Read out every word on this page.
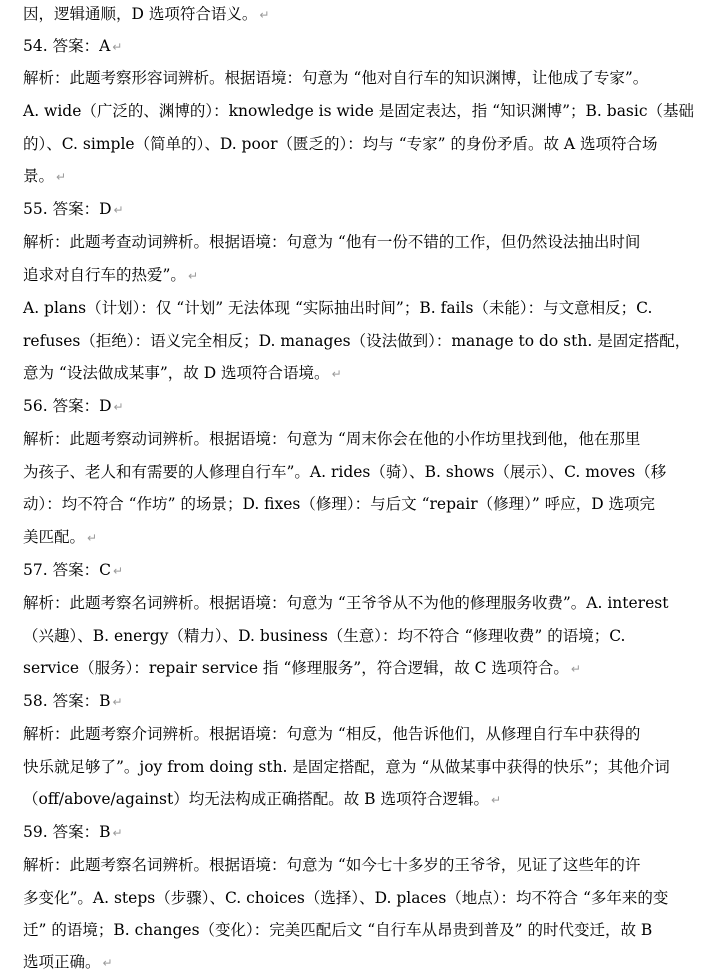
因，逻辑通顺，D 选项符合语义。 ↵
54. 答案：A ↵
解析：此题考察形容词辨析。根据语境：句意为 “他对自行车的知识渊博，让他成了专家”。
A. wide（广泛的、渊博的）：knowledge is wide 是固定表达，指 “知识渊博”；B. basic（基础
的）、C. simple（简单的）、D. poor（匮乏的）：均与 “专家” 的身份矛盾。故 A 选项符合场
景。 ↵
55. 答案：D ↵
解析：此题考查动词辨析。根据语境：句意为 “他有一份不错的工作，但仍然设法抽出时间
追求对自行车的热爱”。 ↵
A. plans（计划）：仅 “计划” 无法体现 “实际抽出时间”；B. fails（未能）：与文意相反；C.
refuses（拒绝）：语义完全相反；D. manages（设法做到）：manage to do sth. 是固定搭配，
意为 “设法做成某事”，故 D 选项符合语境。 ↵
56. 答案：D ↵
解析：此题考察动词辨析。根据语境：句意为 “周末你会在他的小作坊里找到他，他在那里
为孩子、老人和有需要的人修理自行车”。A. rides（骑）、B. shows（展示）、C. moves（移
动）：均不符合 “作坊” 的场景；D. fixes（修理）：与后文 “repair（修理）” 呼应，D 选项完
美匹配。 ↵
57. 答案：C ↵
解析：此题考察名词辨析。根据语境：句意为 “王爷爷从不为他的修理服务收费”。A. interest
（兴趣）、B. energy（精力）、D. business（生意）：均不符合 “修理收费” 的语境；C.
service（服务）：repair service 指 “修理服务”，符合逻辑，故 C 选项符合。 ↵
58. 答案：B ↵
解析：此题考察介词辨析。根据语境：句意为 “相反，他告诉他们，从修理自行车中获得的
快乐就足够了”。joy from doing sth. 是固定搭配，意为 “从做某事中获得的快乐”；其他介词
（off/above/against）均无法构成正确搭配。故 B 选项符合逻辑。 ↵
59. 答案：B ↵
解析：此题考察名词辨析。根据语境：句意为 “如今七十多岁的王爷爷，见证了这些年的许
多变化”。A. steps（步骤）、C. choices（选择）、D. places（地点）：均不符合 “多年来的变
迁” 的语境；B. changes（变化）：完美匹配后文 “自行车从昂贵到普及” 的时代变迁，故 B
选项正确。 ↵
